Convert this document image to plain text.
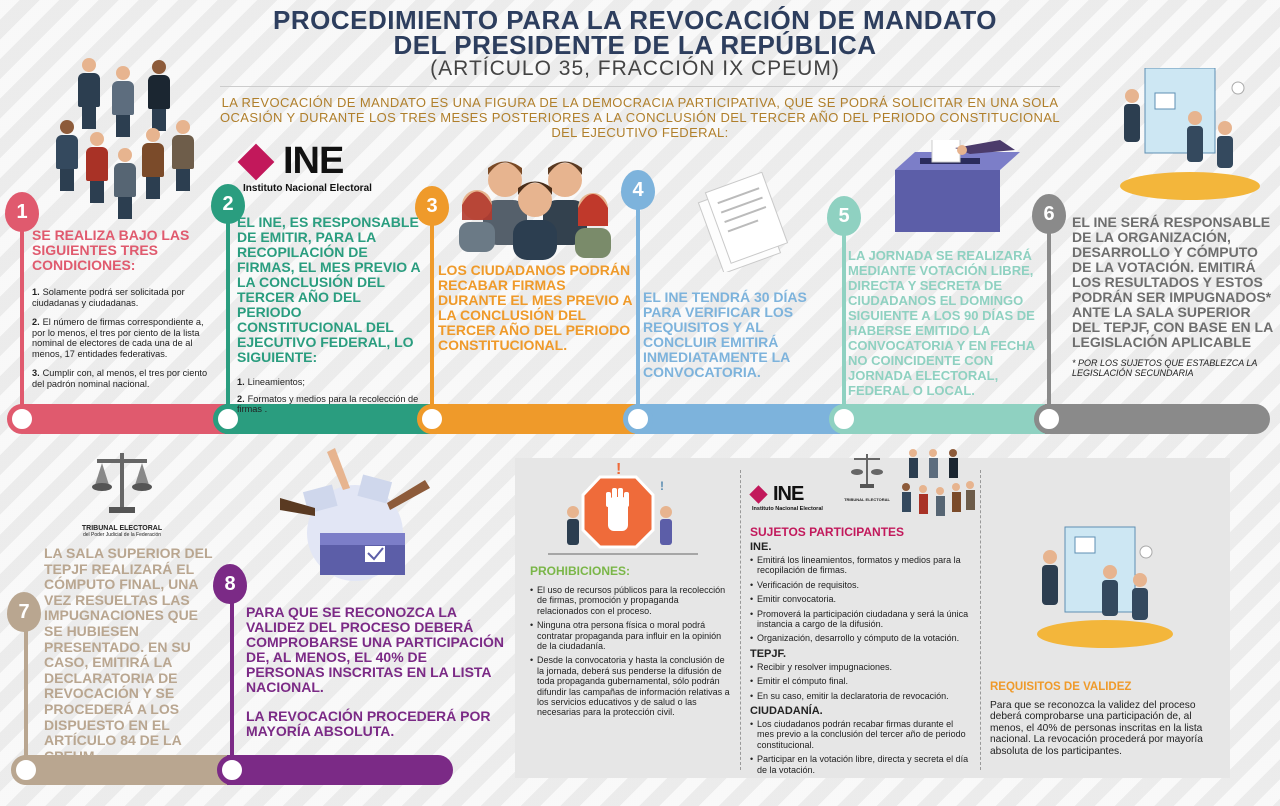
PROCEDIMIENTO PARA LA REVOCACIÓN DE MANDATO
DEL PRESIDENTE DE LA REPÚBLICA
(ARTÍCULO 35, FRACCIÓN IX CPEUM)
LA REVOCACIÓN DE MANDATO ES UNA FIGURA DE LA DEMOCRACIA PARTICIPATIVA, QUE SE PODRÁ SOLICITAR EN UNA SOLA OCASIÓN Y DURANTE LOS TRES MESES POSTERIORES A LA CONCLUSIÓN DEL TERCER AÑO DEL PERIODO CONSTITUCIONAL DEL EJECUTIVO FEDERAL:
INE
Instituto Nacional Electoral
1	2	3
4
5	6
SE REALIZA BAJO LAS SIGUIENTES TRES CONDICIONES:
1. Solamente podrá ser solicitada por ciudadanas y ciudadanas.
2. El número de firmas correspondiente a, por lo menos, el tres por ciento de la lista nominal de electores de cada una de al menos, 17 entidades federativas.
3. Cumplir con, al menos, el tres por ciento del padrón nominal nacional.
EL INE, ES RESPONSABLE DE EMITIR, PARA LA RECOPILACIÓN DE FIRMAS, EL MES PREVIO A LA CONCLUSIÓN DEL TERCER AÑO DEL PERIODO CONSTITUCIONAL DEL EJECUTIVO FEDERAL, LO SIGUIENTE:
1. Lineamientos;
2. Formatos y medios para la recolección de firmas .
LOS CIUDADANOS PODRÁN RECABAR FIRMAS DURANTE EL MES PREVIO A LA CONCLUSIÓN DEL TERCER AÑO DEL PERIODO CONSTITUCIONAL.
EL INE TENDRÁ 30 DÍAS PARA VERIFICAR LOS REQUISITOS Y AL CONCLUIR EMITIRÁ INMEDIATAMENTE LA CONVOCATORIA.
LA JORNADA SE REALIZARÁ MEDIANTE VOTACIÓN LIBRE, DIRECTA Y SECRETA DE CIUDADANOS EL DOMINGO SIGUIENTE A LOS 90 DÍAS DE HABERSE EMITIDO LA CONVOCATORIA Y EN FECHA NO COINCIDENTE CON JORNADA ELECTORAL, FEDERAL O LOCAL.
EL INE SERÁ RESPONSABLE DE LA ORGANIZACIÓN, DESARROLLO Y CÓMPUTO DE LA VOTACIÓN. EMITIRÁ LOS RESULTADOS Y ESTOS PODRÁN SER IMPUGNADOS* ANTE LA SALA SUPERIOR DEL TEPJF, CON BASE EN LA LEGISLACIÓN APLICABLE
* POR LOS SUJETOS QUE ESTABLEZCA LA LEGISLACIÓN SECUNDARIA
TRIBUNAL ELECTORAL
del Poder Judicial de la Federación
7
8
LA SALA SUPERIOR DEL TEPJF REALIZARÁ EL CÓMPUTO FINAL, UNA VEZ RESUELTAS LAS IMPUGNACIONES QUE SE HUBIESEN PRESENTADO. EN SU CASO, EMITIRÁ LA DECLARATORIA DE REVOCACIÓN Y SE PROCEDERÁ A LOS DISPUESTO EN EL ARTÍCULO 84 DE LA CPEUM.
PARA QUE SE RECONOZCA LA VALIDEZ DEL PROCESO DEBERÁ COMPROBARSE UNA PARTICIPACIÓN DE, AL MENOS, EL 40% DE PERSONAS INSCRITAS EN LA LISTA NACIONAL.
LA REVOCACIÓN PROCEDERÁ POR MAYORÍA ABSOLUTA.
!
!
PROHIBICIONES:
• El uso de recursos públicos para la recolección de firmas, promoción y propaganda relacionados con el proceso.
• Ninguna otra persona física o moral podrá contratar propaganda para influir en la opinión de la ciudadanía.
• Desde la convocatoria y hasta la conclusión de la jornada, deberá sus penderse la difusión de toda propaganda gubernamental, sólo podrán difundir las campañas de información relativas a los servicios educativos y de salud o las necesarias para la protección civil.
INE
Instituto Nacional Electoral
TRIBUNAL ELECTORAL
SUJETOS PARTICIPANTES
INE.
• Emitirá los lineamientos, formatos y medios para la recopilación de firmas.
• Verificación de requisitos.
• Emitir convocatoria.
• Promoverá la participación ciudadana y será la única instancia a cargo de la difusión.
• Organización, desarrollo y cómputo de la votación.
TEPJF.
• Recibir y resolver impugnaciones.
• Emitir el cómputo final.
• En su caso, emitir la declaratoria de revocación.
CIUDADANÍA.
• Los ciudadanos podrán recabar firmas durante el mes previo a la conclusión del tercer año de periodo constitucional.
• Participar en la votación libre, directa y secreta el día de la votación.
REQUISITOS DE VALIDEZ
Para que se reconozca la validez del proceso deberá comprobarse una participación de, al menos, el 40% de personas inscritas en la lista nacional. La revocación procederá por mayoría absoluta de los participantes.
